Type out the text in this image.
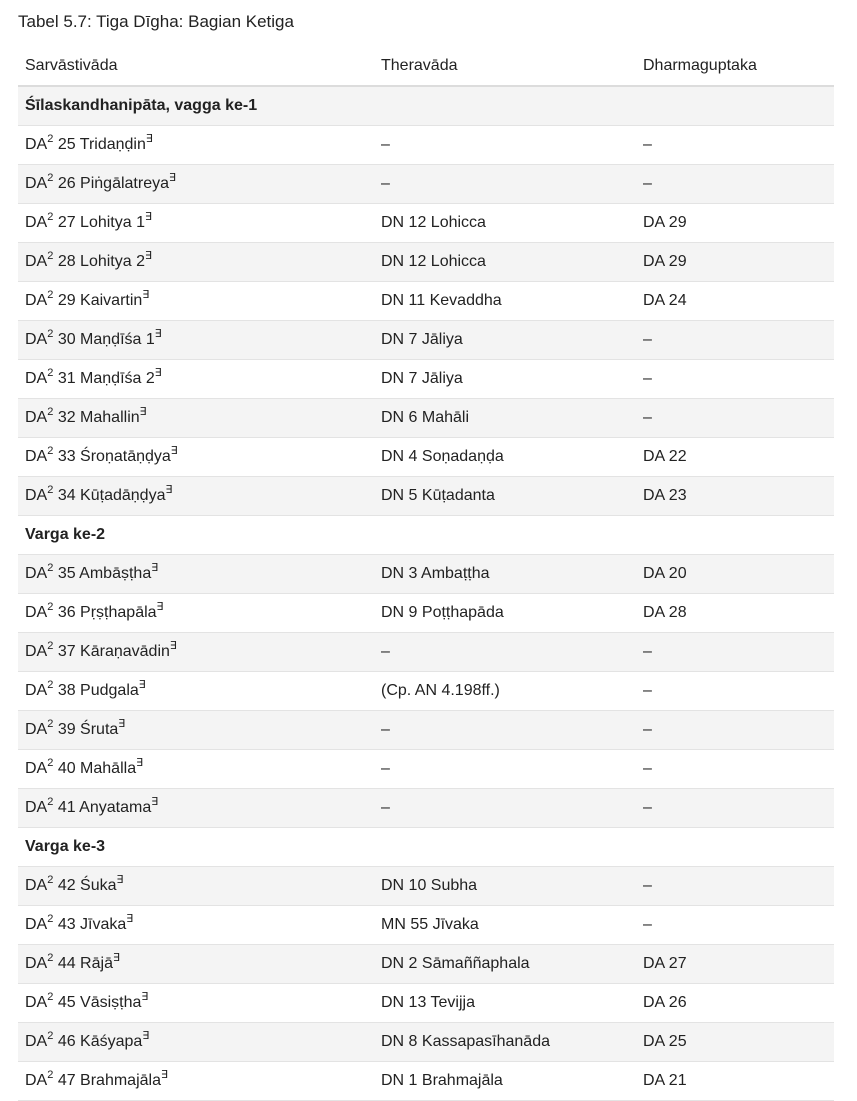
Tabel 5.7: Tiga Dīgha: Bagian Ketiga
Sarvāstivāda	Theravāda	Dharmaguptaka
Śīlaskandhanipāta, vagga ke-1		
$DA^2$ 25 Tridaṇḍin∃	–	–
$DA^2$ 26 Piṅgālatreya∃	–	–
$DA^2$ 27 Lohitya 1∃	DN 12 Lohicca	DA 29
$DA^2$ 28 Lohitya 2∃	DN 12 Lohicca	DA 29
$DA^2$ 29 Kaivartin∃	DN 11 Kevaddha	DA 24
$DA^2$ 30 Maṇḍīśa 1∃	DN 7 Jāliya	–
$DA^2$ 31 Maṇḍīśa 2∃	DN 7 Jāliya	–
$DA^2$ 32 Mahallin∃	DN 6 Mahāli	–
$DA^2$ 33 Śroṇatāṇḍya∃	DN 4 Soṇadaṇḍa	DA 22
$DA^2$ 34 Kūṭadāṇḍya∃	DN 5 Kūṭadanta	DA 23
Varga ke-2		
$DA^2$ 35 Ambāṣṭha∃	DN 3 Ambaṭṭha	DA 20
$DA^2$ 36 Pṛṣṭhapāla∃	DN 9 Poṭṭhapāda	DA 28
$DA^2$ 37 Kāraṇavādin∃	–	–
$DA^2$ 38 Pudgala∃	(Cp. AN 4.198ff.)	–
$DA^2$ 39 Śruta∃	–	–
$DA^2$ 40 Mahālla∃	–	–
$DA^2$ 41 Anyatama∃	–	–
Varga ke-3		
$DA^2$ 42 Śuka∃	DN 10 Subha	–
$DA^2$ 43 Jīvaka∃	MN 55 Jīvaka	–
$DA^2$ 44 Rājā∃	DN 2 Sāmaññaphala	DA 27
$DA^2$ 45 Vāsiṣṭha∃	DN 13 Tevijja	DA 26
$DA^2$ 46 Kāśyapa∃	DN 8 Kassapasīhanāda	DA 25
$DA^2$ 47 Brahmajāla∃	DN 1 Brahmajāla	DA 21
